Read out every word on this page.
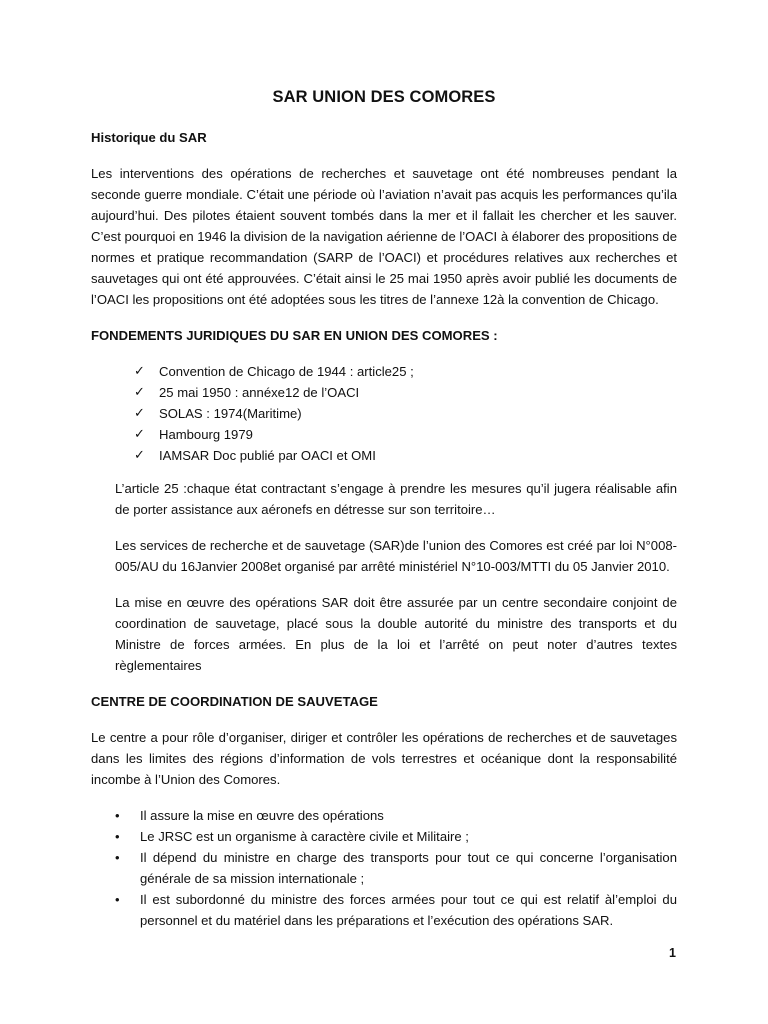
SAR UNION DES COMORES

Historique du SAR

Les interventions des opérations de recherches et sauvetage ont été nombreuses pendant la seconde guerre mondiale. C’était une période où l’aviation n’avait pas acquis les performances qu’ila aujourd’hui. Des pilotes étaient souvent tombés dans la mer et il fallait les chercher et les sauver. C’est pourquoi en 1946 la division de la navigation aérienne de l’OACI à élaborer des propositions de normes et pratique recommandation (SARP de l’OACI) et procédures relatives aux recherches et sauvetages qui ont été approuvées. C’était ainsi le 25 mai 1950 après avoir publié les documents de l’OACI les propositions ont été adoptées sous les titres de l’annexe 12à la convention de Chicago.

FONDEMENTS JURIDIQUES DU SAR EN UNION DES COMORES :

✓ Convention de Chicago de 1944 : article25 ;
✓ 25 mai 1950 : annéxe12 de l’OACI
✓ SOLAS : 1974(Maritime)
✓ Hambourg 1979
✓ IAMSAR Doc publié par OACI et OMI

L’article 25 :chaque état contractant s’engage à prendre les mesures qu’il jugera réalisable afin de porter assistance aux aéronefs en détresse sur son territoire…

Les services de recherche et de sauvetage (SAR)de l’union des Comores est créé par loi N°008-005/AU du 16Janvier 2008et organisé par arrêté ministériel N°10-003/MTTI du 05 Janvier 2010.

La mise en œuvre des opérations SAR doit être assurée par un centre secondaire conjoint de coordination de sauvetage, placé sous la double autorité du ministre des transports et du Ministre de forces armées. En plus de la loi et l’arrêté on peut noter d’autres textes règlementaires

CENTRE DE COORDINATION DE SAUVETAGE

Le centre a pour rôle d’organiser, diriger et contrôler les opérations de recherches et de sauvetages dans les limites des régions d’information de vols terrestres et océanique dont la responsabilité incombe à l’Union des Comores.

• Il assure la mise en œuvre des opérations
• Le JRSC est un organisme à caractère civile et Militaire ;
• Il dépend du ministre en charge des transports pour tout ce qui concerne l’organisation générale de sa mission internationale ;
• Il est subordonné du ministre des forces armées pour tout ce qui est relatif àl’emploi du personnel et du matériel dans les préparations et l’exécution des opérations SAR.
1
